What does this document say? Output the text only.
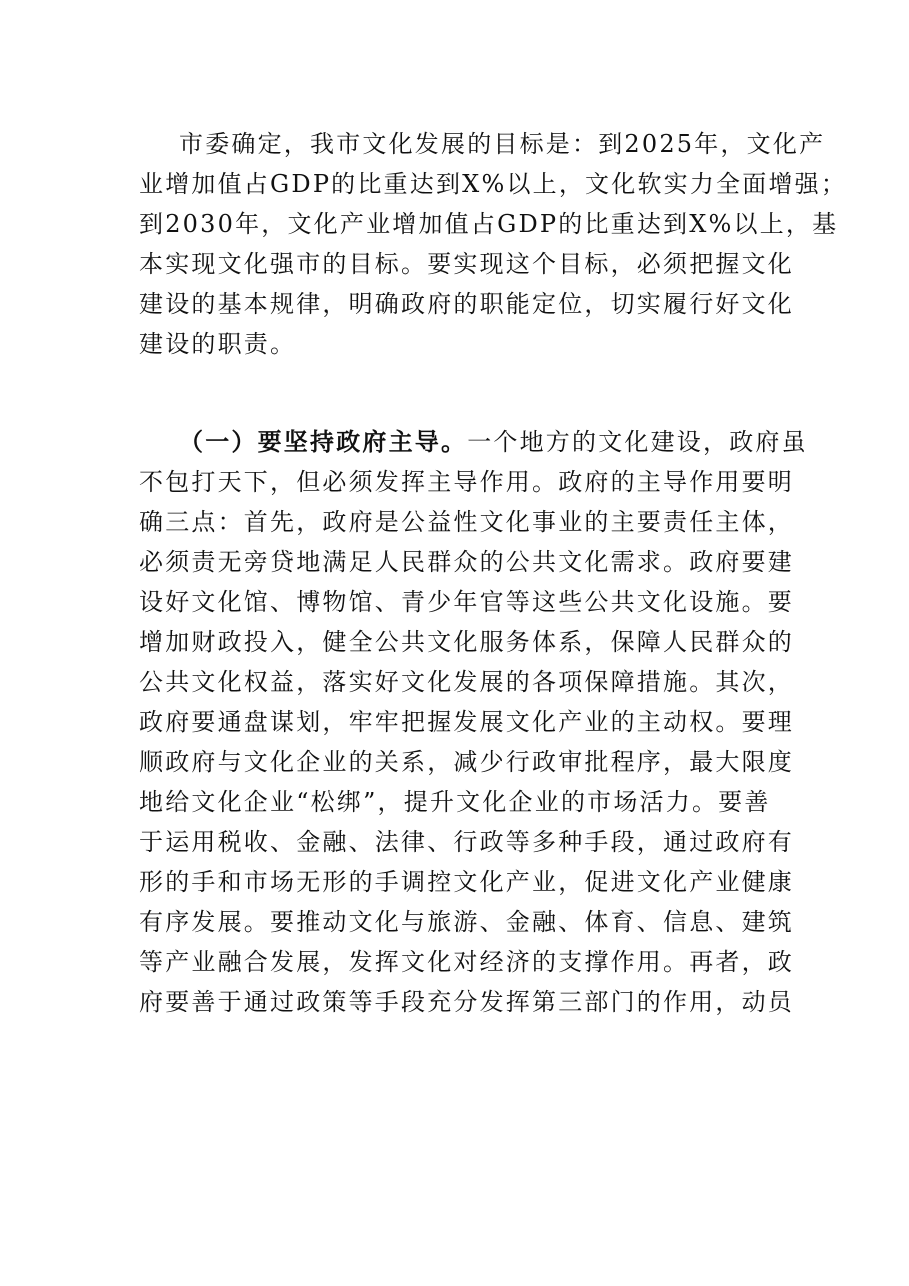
市委确定，我市文化发展的目标是：到2025年，文化产
业增加值占GDP的比重达到X%以上，文化软实力全面增强；
到2030年，文化产业增加值占GDP的比重达到X%以上，基
本实现文化强市的目标。要实现这个目标，必须把握文化
建设的基本规律，明确政府的职能定位，切实履行好文化
建设的职责。
（一）要坚持政府主导。一个地方的文化建设，政府虽
不包打天下，但必须发挥主导作用。政府的主导作用要明
确三点：首先，政府是公益性文化事业的主要责任主体，
必须责无旁贷地满足人民群众的公共文化需求。政府要建
设好文化馆、博物馆、青少年官等这些公共文化设施。要
增加财政投入，健全公共文化服务体系，保障人民群众的
公共文化权益，落实好文化发展的各项保障措施。其次，
政府要通盘谋划，牢牢把握发展文化产业的主动权。要理
顺政府与文化企业的关系，减少行政审批程序，最大限度
地给文化企业“松绑”，提升文化企业的市场活力。要善
于运用税收、金融、法律、行政等多种手段，通过政府有
形的手和市场无形的手调控文化产业，促进文化产业健康
有序发展。要推动文化与旅游、金融、体育、信息、建筑
等产业融合发展，发挥文化对经济的支撑作用。再者，政
府要善于通过政策等手段充分发挥第三部门的作用，动员
